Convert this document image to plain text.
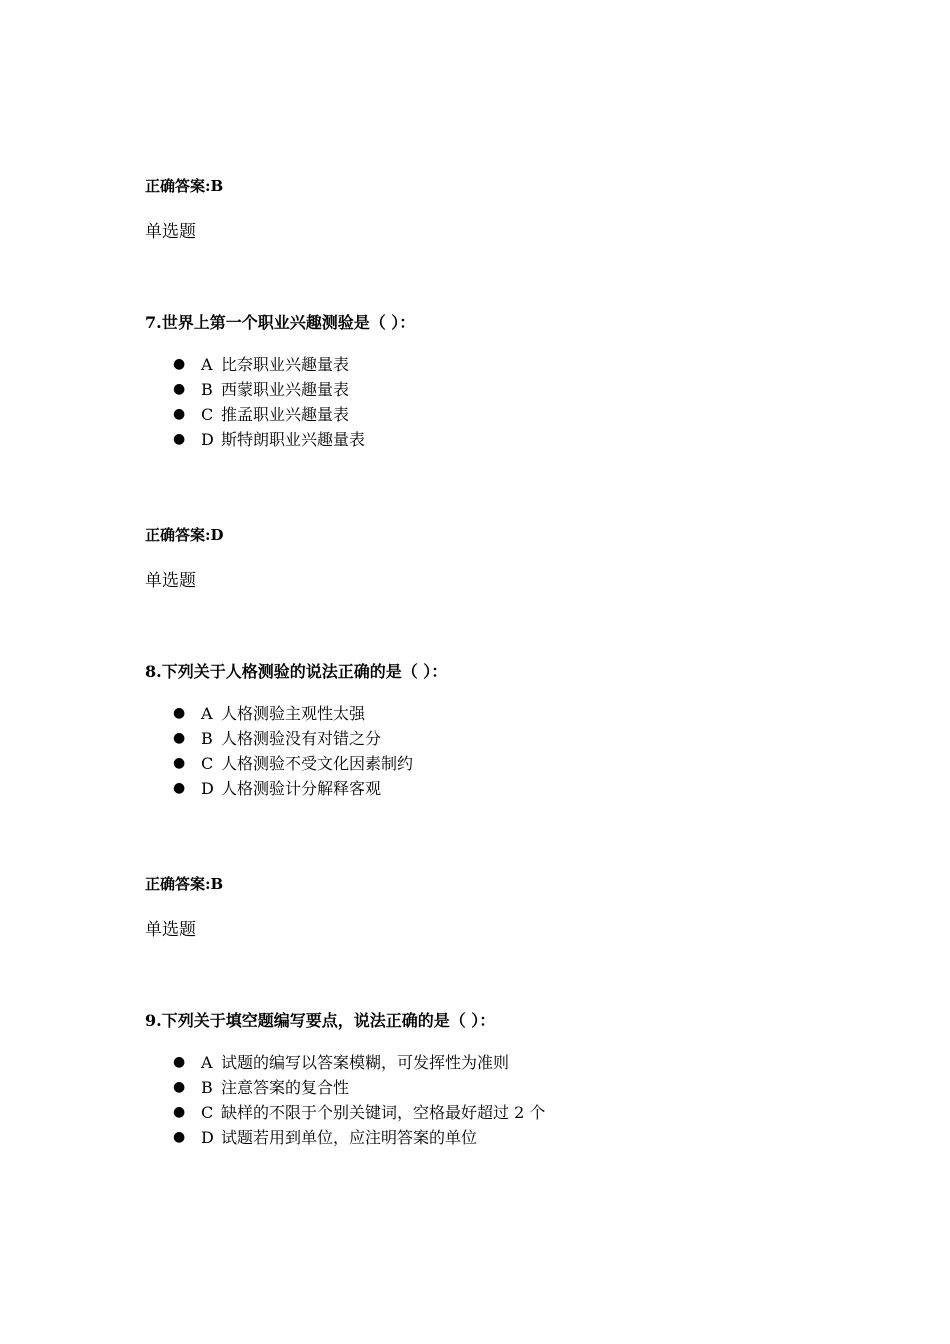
正确答案:B

单选题

7.世界上第一个职业兴趣测验是（ ）：

● A 比奈职业兴趣量表
● B 西蒙职业兴趣量表
● C 推孟职业兴趣量表
● D 斯特朗职业兴趣量表

正确答案:D

单选题

8.下列关于人格测验的说法正确的是（ ）：

● A 人格测验主观性太强
● B 人格测验没有对错之分
● C 人格测验不受文化因素制约
● D 人格测验计分解释客观

正确答案:B

单选题

9.下列关于填空题编写要点，说法正确的是（ ）：

● A 试题的编写以答案模糊，可发挥性为准则
● B 注意答案的复合性
● C 缺样的不限于个别关键词，空格最好超过 2 个
● D 试题若用到单位，应注明答案的单位
